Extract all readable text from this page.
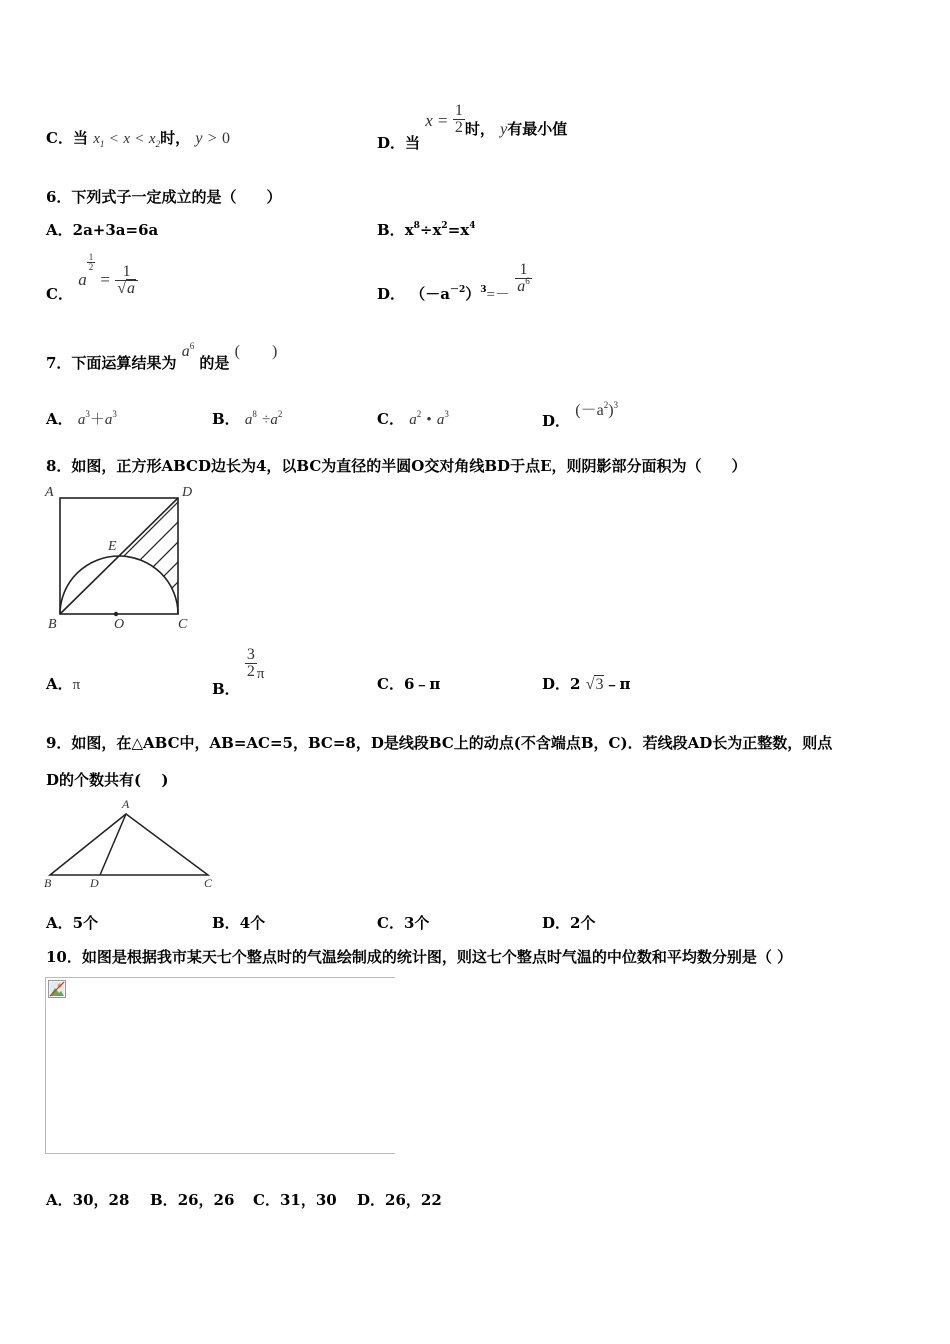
C．当 $x_1 < x < x_2$时， y > 0	D．当 $x = \frac{1}{2}$ 时， y有最小值
6．下列式子一定成立的是（　　）
A．2a+3a=6a	B．$x^8\div x^2=x^4$
C． a
$\frac{1}{2}$
= $\frac{1}{√a}$	D． $(-a^{-2})^3=- \frac{1}{a^6}$
7．下面运算结果为 $a^6$ 的是 (　　)
A． $a^3+a^3$	B． $a^8 \div a^2$	C． $a^2$ • $a^3$	D． $(-a^2)^3$
8．如图，正方形ABCD边长为4，以BC为直径的半圆O交对角线BD于点E，则阴影部分面积为（　　）
A	D
E
B	O	C
A．π	B．
$\frac{3}{2}$ π
C．6﹣π	D．2 √3﹣π
9．如图，在△ABC中，AB=AC=5，BC=8，D是线段BC上的动点(不含端点B，C)．若线段AD长为正整数，则点
D的个数共有(　 )
A
B	D	C
A．5个	B．4个	C．3个	D．2个
10．如图是根据我市某天七个整点时的气温绘制成的统计图，则这七个整点时气温的中位数和平均数分别是（ ）
A．30，28 B．26，26 C．31，30 D．26，22
